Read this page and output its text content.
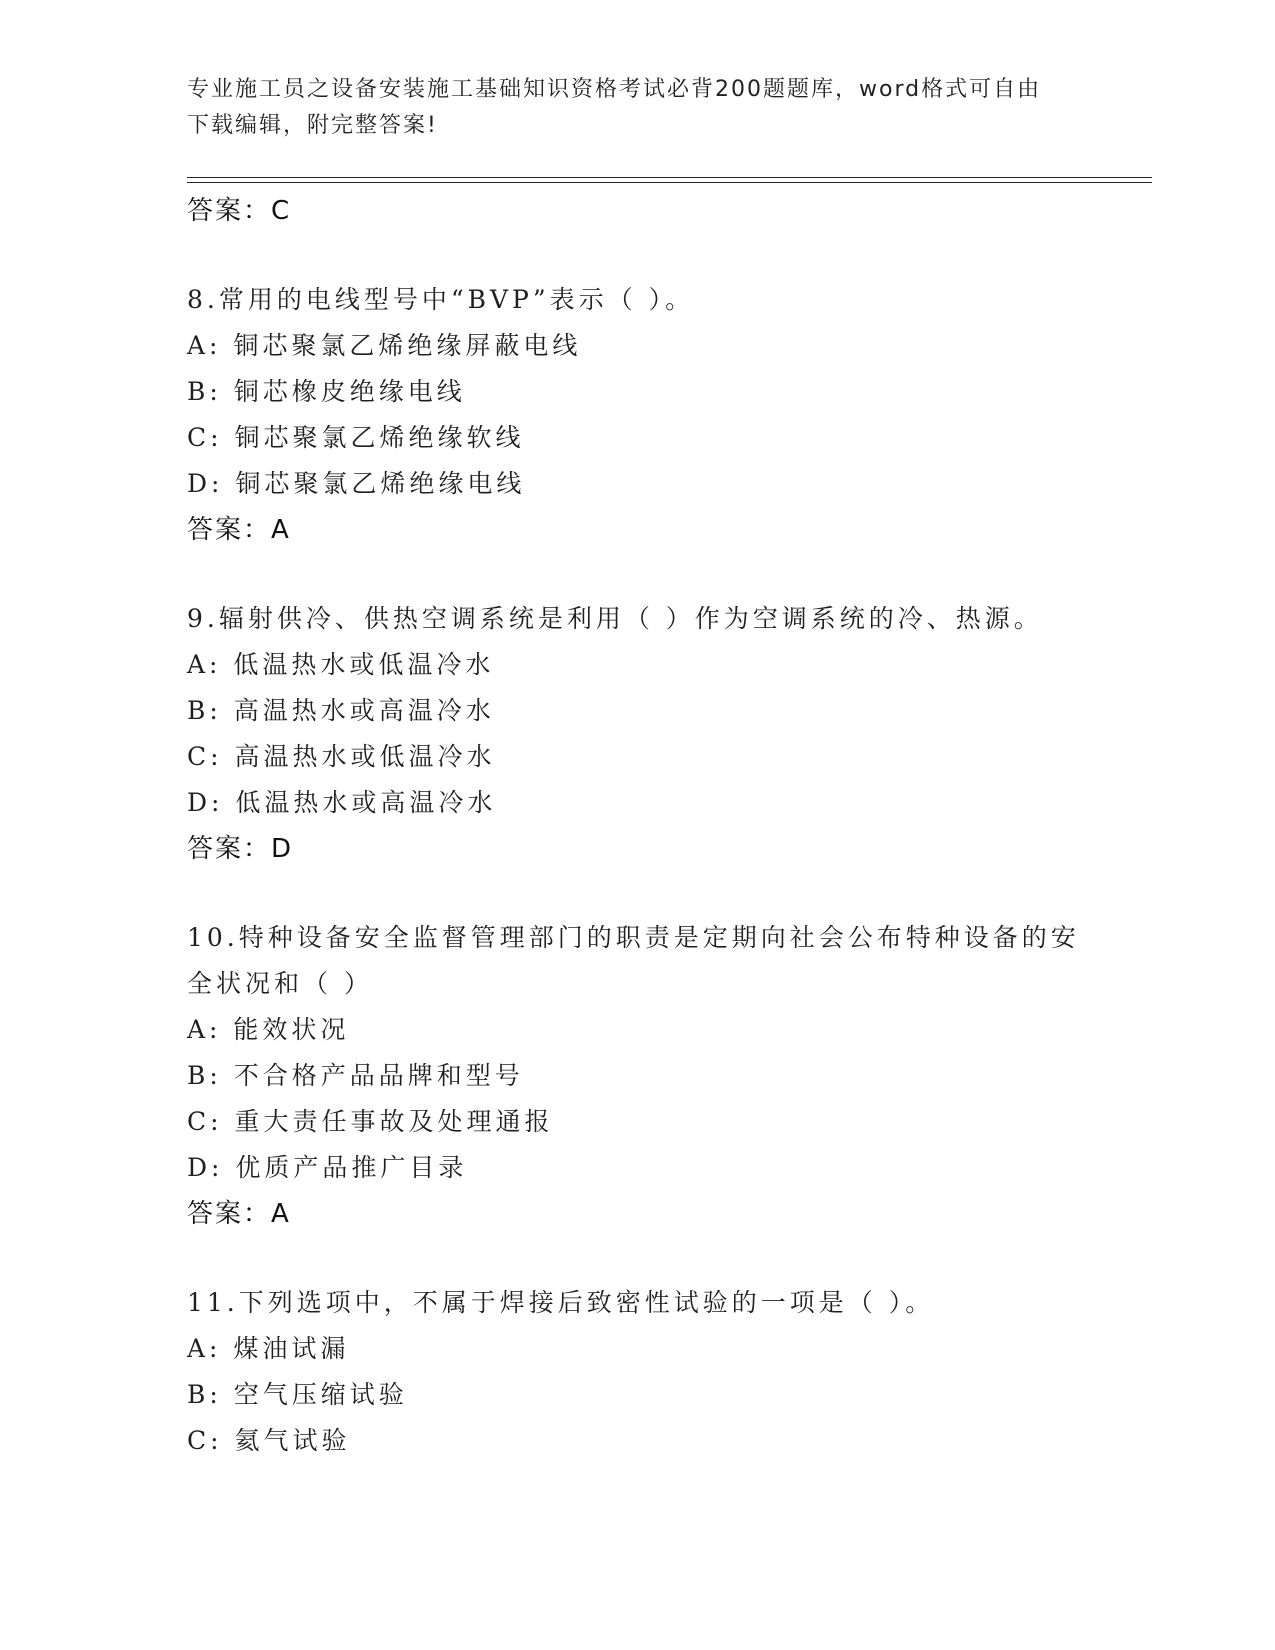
专业施工员之设备安装施工基础知识资格考试必背200题题库，word格式可自由
下载编辑，附完整答案!
答案：C
8.常用的电线型号中“BVP”表示（ ）。
A: 铜芯聚氯乙烯绝缘屏蔽电线
B: 铜芯橡皮绝缘电线
C: 铜芯聚氯乙烯绝缘软线
D: 铜芯聚氯乙烯绝缘电线
答案：A
9.辐射供冷、供热空调系统是利用（ ）作为空调系统的冷、热源。
A: 低温热水或低温冷水
B: 高温热水或高温冷水
C: 高温热水或低温冷水
D: 低温热水或高温冷水
答案：D
10.特种设备安全监督管理部门的职责是定期向社会公布特种设备的安
全状况和（ ）
A: 能效状况
B: 不合格产品品牌和型号
C: 重大责任事故及处理通报
D: 优质产品推广目录
答案：A
11.下列选项中，不属于焊接后致密性试验的一项是（ ）。
A: 煤油试漏
B: 空气压缩试验
C: 氦气试验
